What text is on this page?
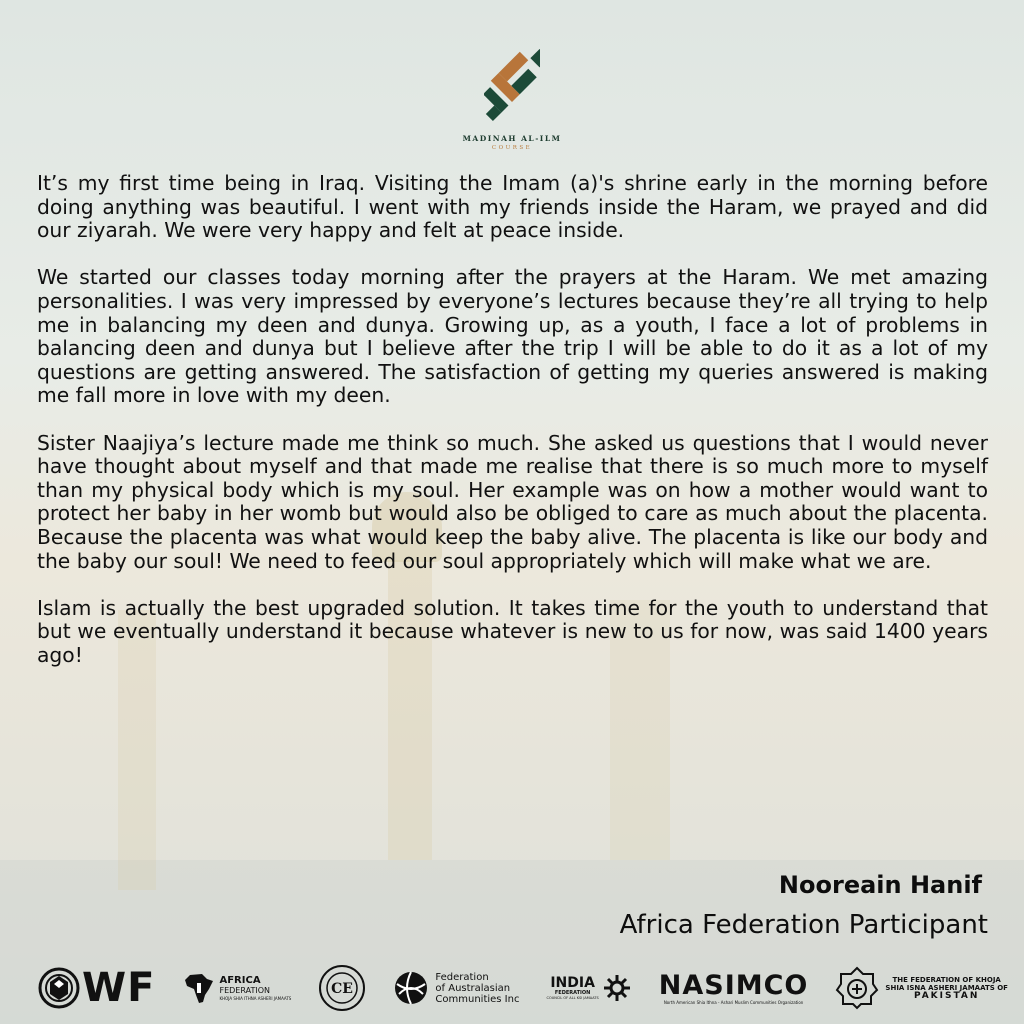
MADINAH AL-ILM
COURSE

It’s my first time being in Iraq. Visiting the Imam (a)'s shrine early in the morning before doing anything was beautiful. I went with my friends inside the Haram, we prayed and did our ziyarah. We were very happy and felt at peace inside.

We started our classes today morning after the prayers at the Haram. We met amazing personalities. I was very impressed by everyone’s lectures because they’re all trying to help me in balancing my deen and dunya. Growing up, as a youth, I face a lot of problems in balancing deen and dunya but I believe after the trip I will be able to do it as a lot of my questions are getting answered. The satisfaction of getting my queries answered is making me fall more in love with my deen.

Sister Naajiya’s lecture made me think so much. She asked us questions that I would never have thought about myself and that made me realise that there is so much more to myself than my physical body which is my soul. Her example was on how a mother would want to protect her baby in her womb but would also be obliged to care as much about the placenta. Because the placenta was what would keep the baby alive. The placenta is like our body and the baby our soul! We need to feed our soul appropriately which will make what we are.

Islam is actually the best upgraded solution. It takes time for the youth to understand that but we eventually understand it because whatever is new to us for now, was said 1400 years ago!

Nooreain Hanif
Africa Federation Participant
WF	AFRICA
FEDERATION
KHOJA SHIA ITHNA ASHERI JAMAATS
CE
Federation
of Australasian
Communities Inc
INDIA
FEDERATION
COUNCIL OF ALL KSI JAMAATS NASIMCO
North American Shia Ithna - Ashari Muslim Communities Organization
THE FEDERATION OF KHOJA
SHIA ISNA ASHERI JAMAATS OF
PAKISTAN
